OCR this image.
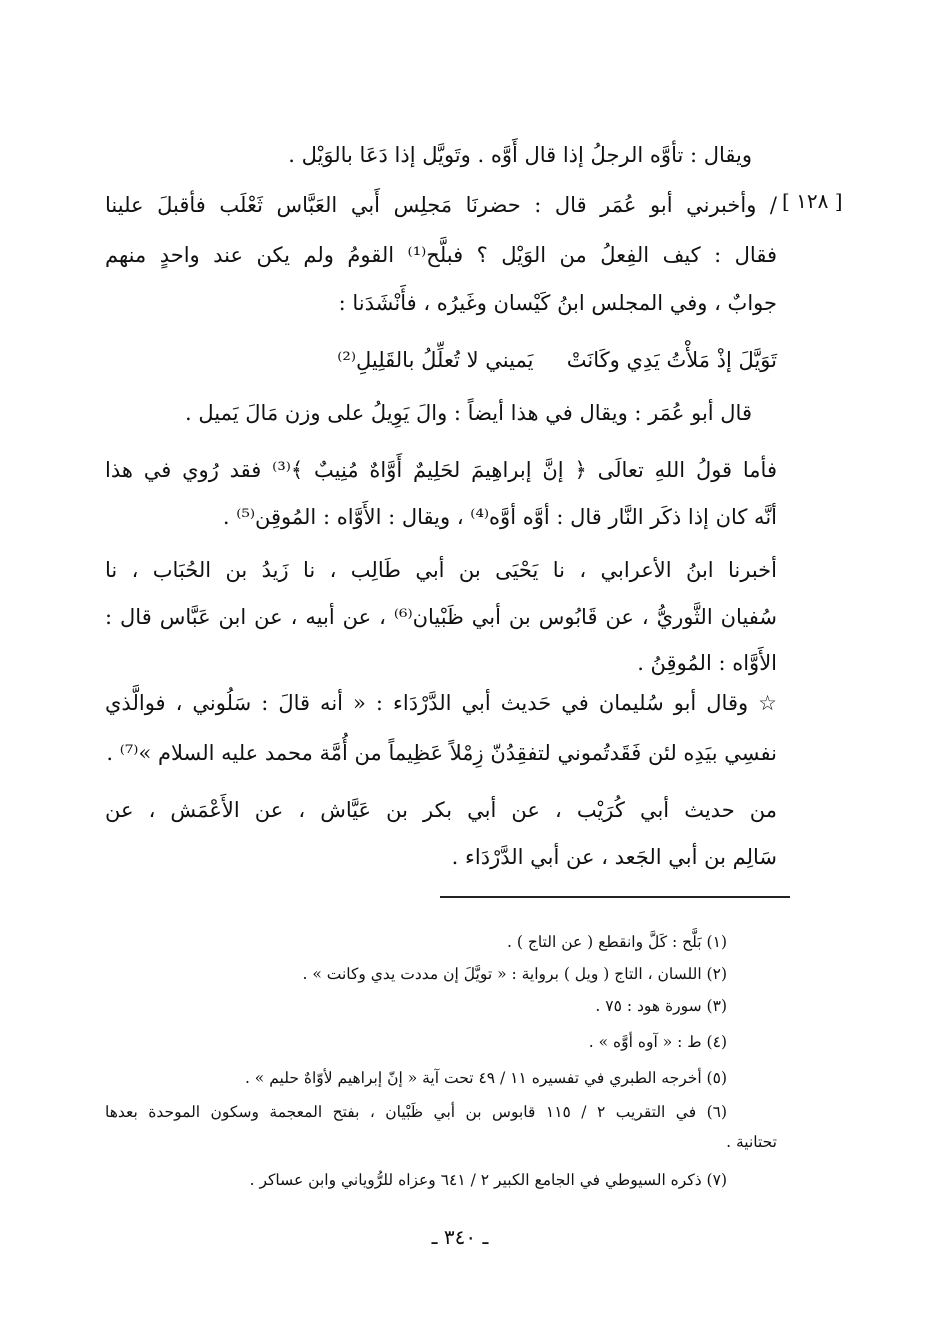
ويقال : تأوَّه الرجلُ إذا قال أَوَّه . وتَويَّل إذا دَعَا بالوَيْل .
[ ١٢٨ ]
/ وأخبرني أبو عُمَر قال : حضرنَا مَجلِس أَبي العَبَّاس ثَعْلَب فأقبلَ علينا
فقال : كيف الفِعلُ من الوَيْل ؟ فبلَّح⁽¹⁾ القومُ ولم يكن عند واحدٍ منهم
جوابٌ ، وفي المجلس ابنُ كَيْسان وغَيرُه ، فأَنْشَدَنا :
تَوَيَّلَ إذْ مَلأْتُ يَدِي وكَانَتْ     يَميني لا تُعلِّلُ بالقَلِيلِ⁽²⁾
قال أبو عُمَر : ويقال في هذا أيضاً : والَ يَوِيلُ على وزن مَالَ يَميل .
فأما قولُ اللهِ تعالَى ﴿ إنَّ إبراهِيمَ لحَلِيمٌ أَوَّاهٌ مُنِيبٌ ﴾⁽³⁾ فقد رُوي في هذا
أنَّه كان إذا ذكَر النَّار قال : أوَّه أوَّه⁽⁴⁾ ، ويقال : الأَوَّاه : المُوقِن⁽⁵⁾ .
أخبرنا ابنُ الأعرابي ، نا يَحْيَى بن أبي طَالِب ، نا زَيدُ بن الحُبَاب ، نا
سُفيان الثَّوريُّ ، عن قَابُوس بن أبي ظَبْيان⁽⁶⁾ ، عن أبيه ، عن ابن عَبَّاس قال :
الأَوَّاه : المُوقِنُ .
☆ وقال أبو سُليمان في حَديث أبي الدَّرْدَاء : « أنه قالَ : سَلُوني ، فوالَّذي
نفسِي بيَدِه لئن فَقَدتُموني لتفقِدُنّ زِمْلاً عَظِيماً من أُمَّة محمد عليه السلام »⁽⁷⁾ .
من حديث أبي كُرَيْب ، عن أبي بكر بن عَيَّاش ، عن الأَعْمَش ، عن
سَالِم بن أبي الجَعد ، عن أبي الدَّرْدَاء .
(١) بَلَّح : كَلَّ وانقطع ( عن التاج ) .
(٢) اللسان ، التاج ( ويل ) برواية : « تويَّلَ إن مددت يدي وكانت » .
(٣) سورة هود : ٧٥ .
(٤) ط : « آوه أوَّه » .
(٥) أخرجه الطبري في تفسيره ١١ / ٤٩ تحت آية « إنّ إبراهيم لأوّاهٌ حليم » .
(٦) في التقريب ٢ / ١١٥ قابوس بن أبي ظَبْيان ، بفتح المعجمة وسكون الموحدة بعدها
تحتانية .
(٧) ذكره السيوطي في الجامع الكبير ٢ / ٦٤١ وعزاه للرُّوياني وابن عساكر .
ـ ٣٤٠ ـ
